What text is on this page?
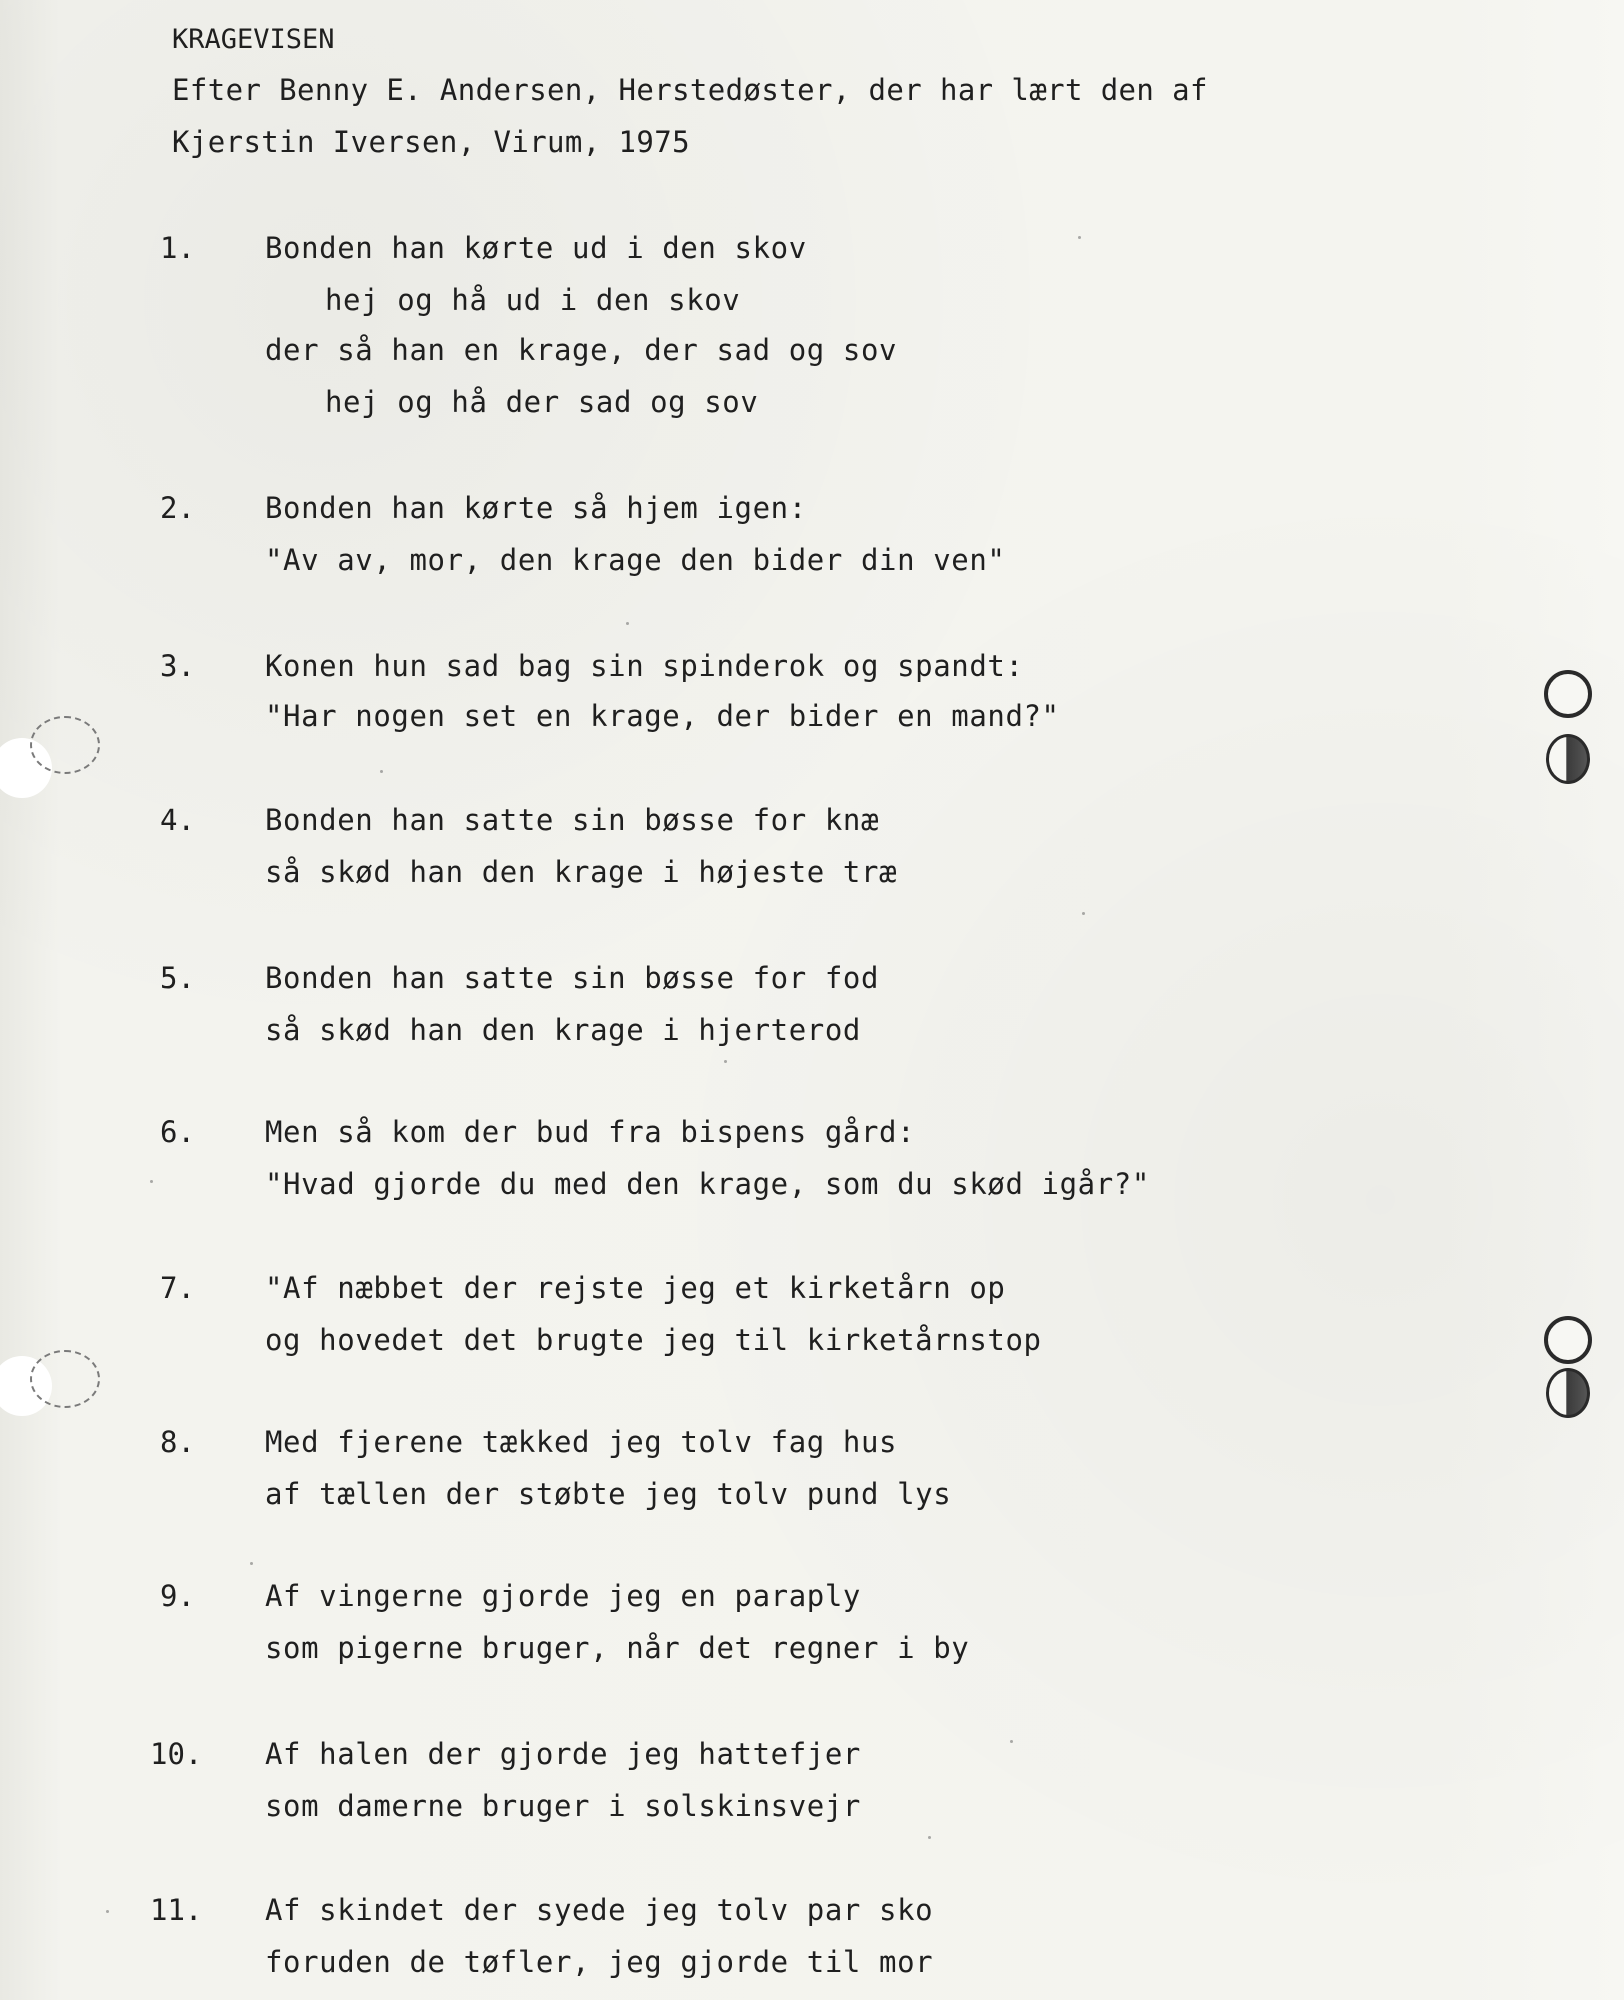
KRAGEVISEN
Efter Benny E. Andersen, Herstedøster, der har lært den af
Kjerstin Iversen, Virum, 1975
1. Bonden han kørte ud i den skov
hej og hå ud i den skov
der så han en krage, der sad og sov
hej og hå der sad og sov
2. Bonden han kørte så hjem igen:
"Av av, mor, den krage den bider din ven"
3. Konen hun sad bag sin spinderok og spandt:
"Har nogen set en krage, der bider en mand?"
4. Bonden han satte sin bøsse for knæ
så skød han den krage i højeste træ
5. Bonden han satte sin bøsse for fod
så skød han den krage i hjerterod
6. Men så kom der bud fra bispens gård:
"Hvad gjorde du med den krage, som du skød igår?"
7. "Af næbbet der rejste jeg et kirketårn op
og hovedet det brugte jeg til kirketårnstop
8. Med fjerene tækked jeg tolv fag hus
af tællen der støbte jeg tolv pund lys
9. Af vingerne gjorde jeg en paraply
som pigerne bruger, når det regner i by
10. Af halen der gjorde jeg hattefjer
som damerne bruger i solskinsvejr
11. Af skindet der syede jeg tolv par sko
foruden de tøfler, jeg gjorde til mor
